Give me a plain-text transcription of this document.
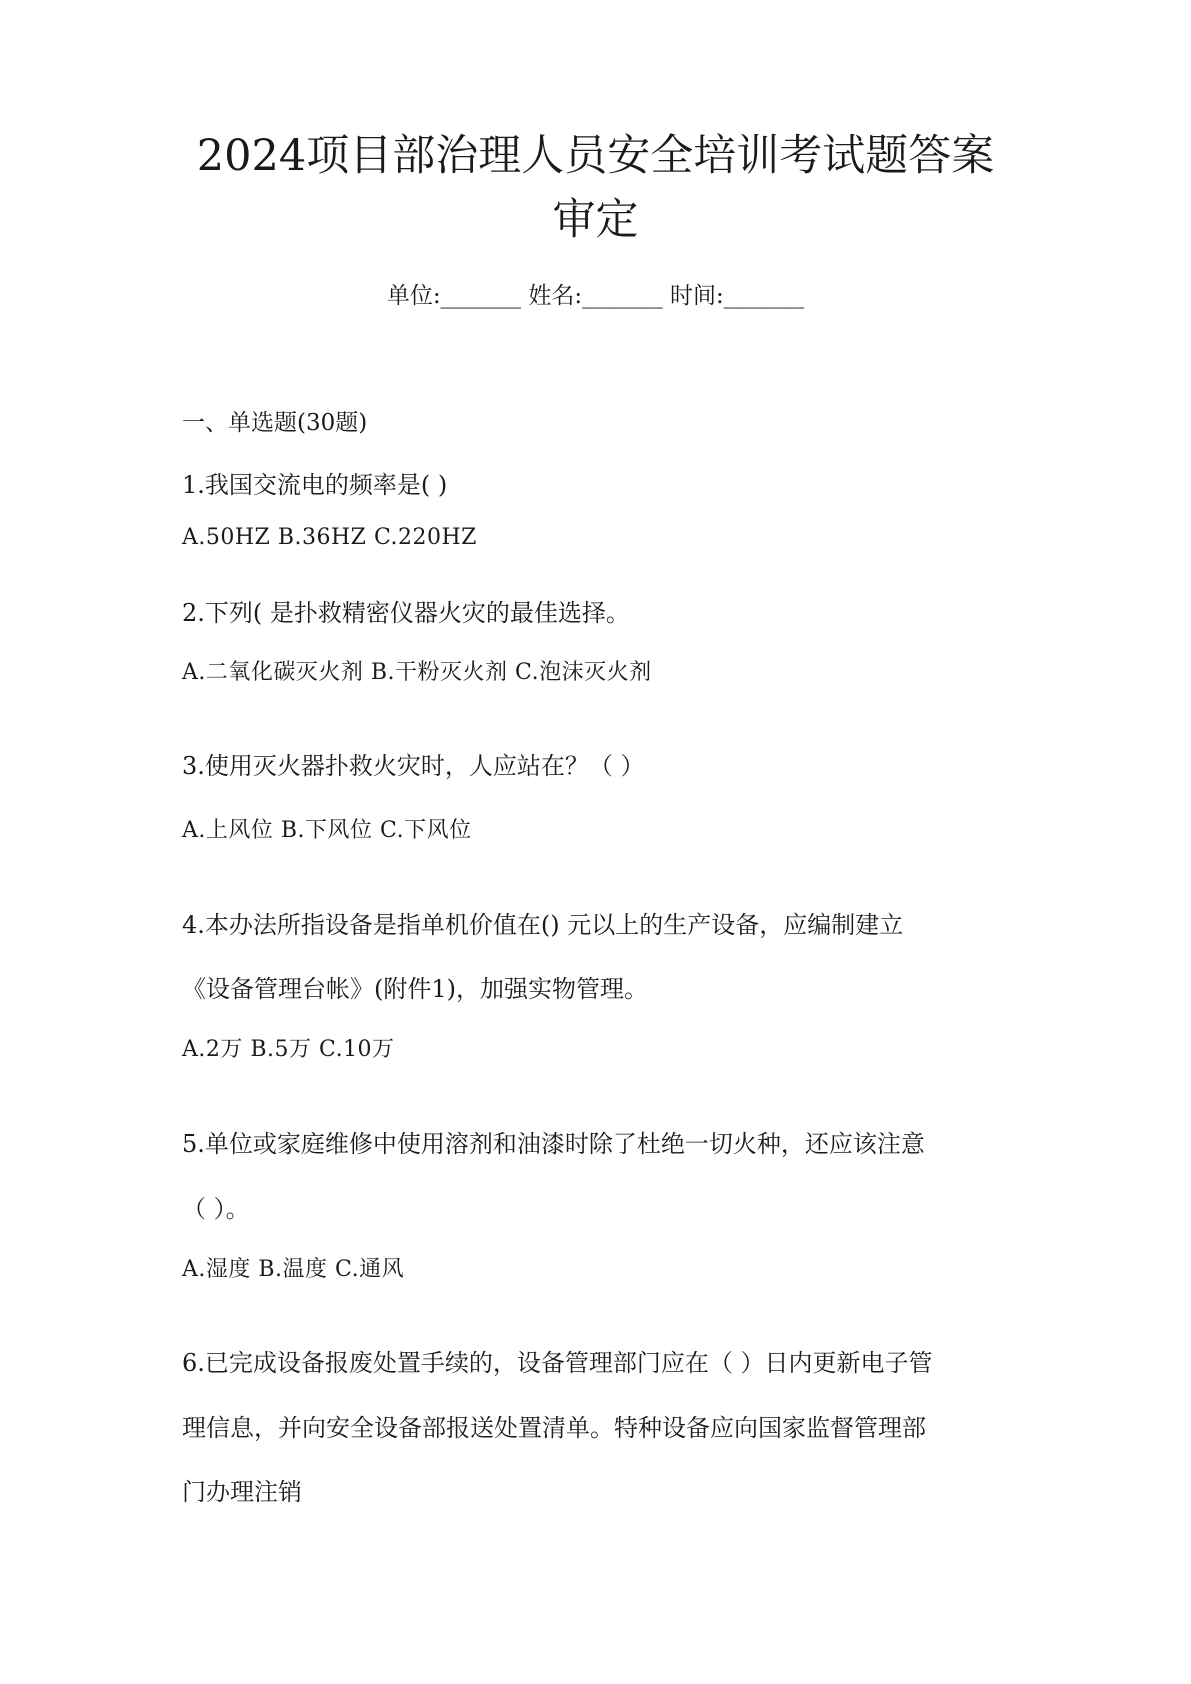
2024项目部治理人员安全培训考试题答案
审定
单位:_______ 姓名:_______ 时间:_______
一、单选题(30题)
1.我国交流电的频率是( )
A.50HZ B.36HZ C.220HZ
2.下列( 是扑救精密仪器火灾的最佳选择。
A.二氧化碳灭火剂 B.干粉灭火剂 C.泡沫灭火剂
3.使用灭火器扑救火灾时，人应站在？（ ）
A.上风位 B.下风位 C.下风位
4.本办法所指设备是指单机价值在() 元以上的生产设备，应编制建立
《设备管理台帐》(附件1)，加强实物管理。
A.2万 B.5万 C.10万
5.单位或家庭维修中使用溶剂和油漆时除了杜绝一切火种，还应该注意
（ ）。
A.湿度 B.温度 C.通风
6.已完成设备报废处置手续的，设备管理部门应在（ ）日内更新电子管
理信息，并向安全设备部报送处置清单。特种设备应向国家监督管理部
门办理注销
